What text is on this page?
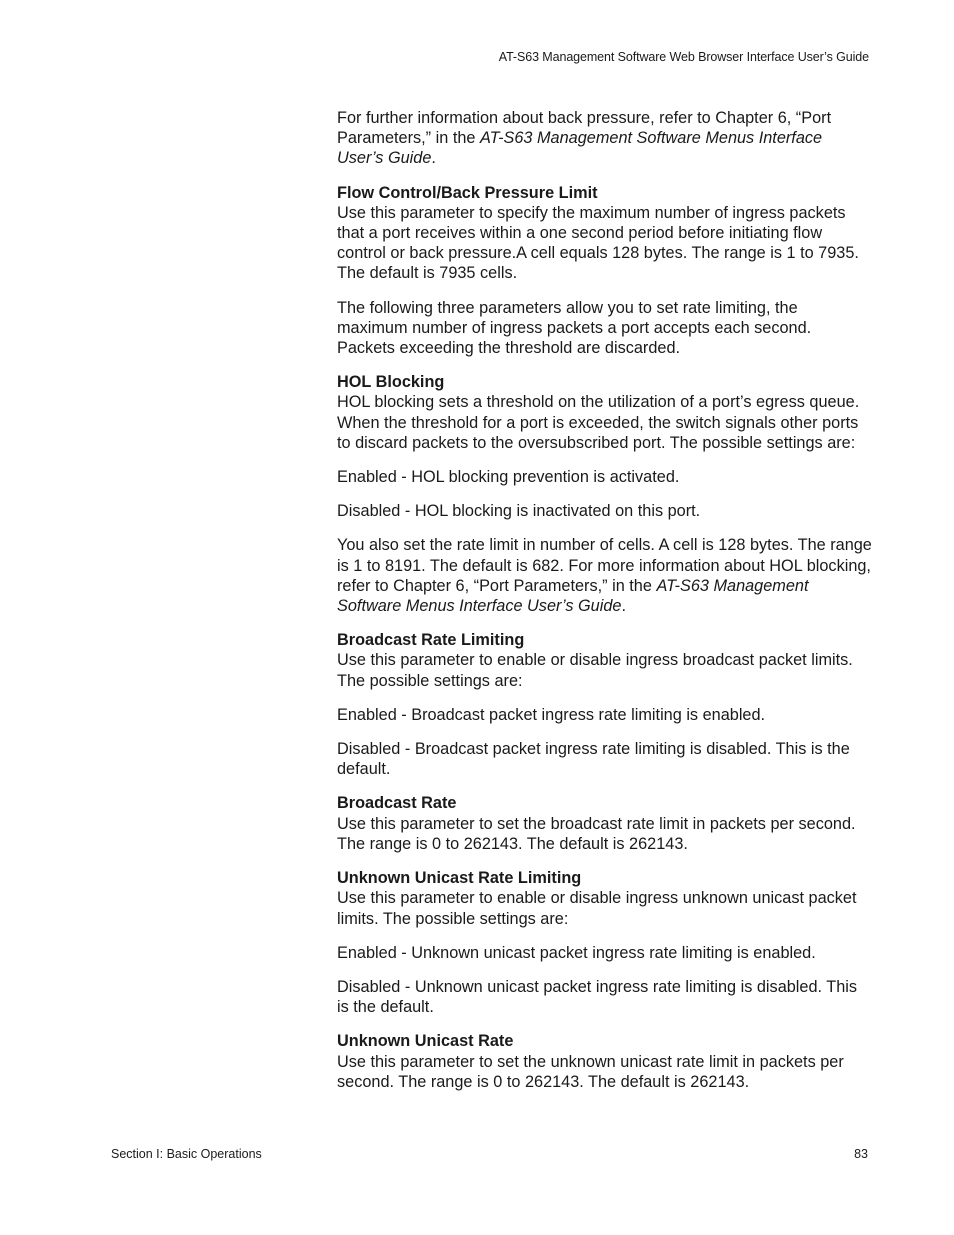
AT-S63 Management Software Web Browser Interface User’s Guide

For further information about back pressure, refer to Chapter 6, “Port Parameters,” in the AT-S63 Management Software Menus Interface User’s Guide.

Flow Control/Back Pressure Limit

Use this parameter to specify the maximum number of ingress packets that a port receives within a one second period before initiating flow control or back pressure.A cell equals 128 bytes. The range is 1 to 7935. The default is 7935 cells.

The following three parameters allow you to set rate limiting, the maximum number of ingress packets a port accepts each second. Packets exceeding the threshold are discarded.

HOL Blocking

HOL blocking sets a threshold on the utilization of a port’s egress queue. When the threshold for a port is exceeded, the switch signals other ports to discard packets to the oversubscribed port. The possible settings are:

Enabled - HOL blocking prevention is activated.

Disabled - HOL blocking is inactivated on this port.

You also set the rate limit in number of cells. A cell is 128 bytes. The range is 1 to 8191. The default is 682. For more information about HOL blocking, refer to Chapter 6, “Port Parameters,” in the AT-S63 Management Software Menus Interface User’s Guide.

Broadcast Rate Limiting

Use this parameter to enable or disable ingress broadcast packet limits. The possible settings are:

Enabled - Broadcast packet ingress rate limiting is enabled.

Disabled - Broadcast packet ingress rate limiting is disabled. This is the default.

Broadcast Rate

Use this parameter to set the broadcast rate limit in packets per second. The range is 0 to 262143. The default is 262143.

Unknown Unicast Rate Limiting

Use this parameter to enable or disable ingress unknown unicast packet limits. The possible settings are:

Enabled - Unknown unicast packet ingress rate limiting is enabled.

Disabled - Unknown unicast packet ingress rate limiting is disabled. This is the default.

Unknown Unicast Rate

Use this parameter to set the unknown unicast rate limit in packets per second. The range is 0 to 262143. The default is 262143.

Section I: Basic Operations	83
